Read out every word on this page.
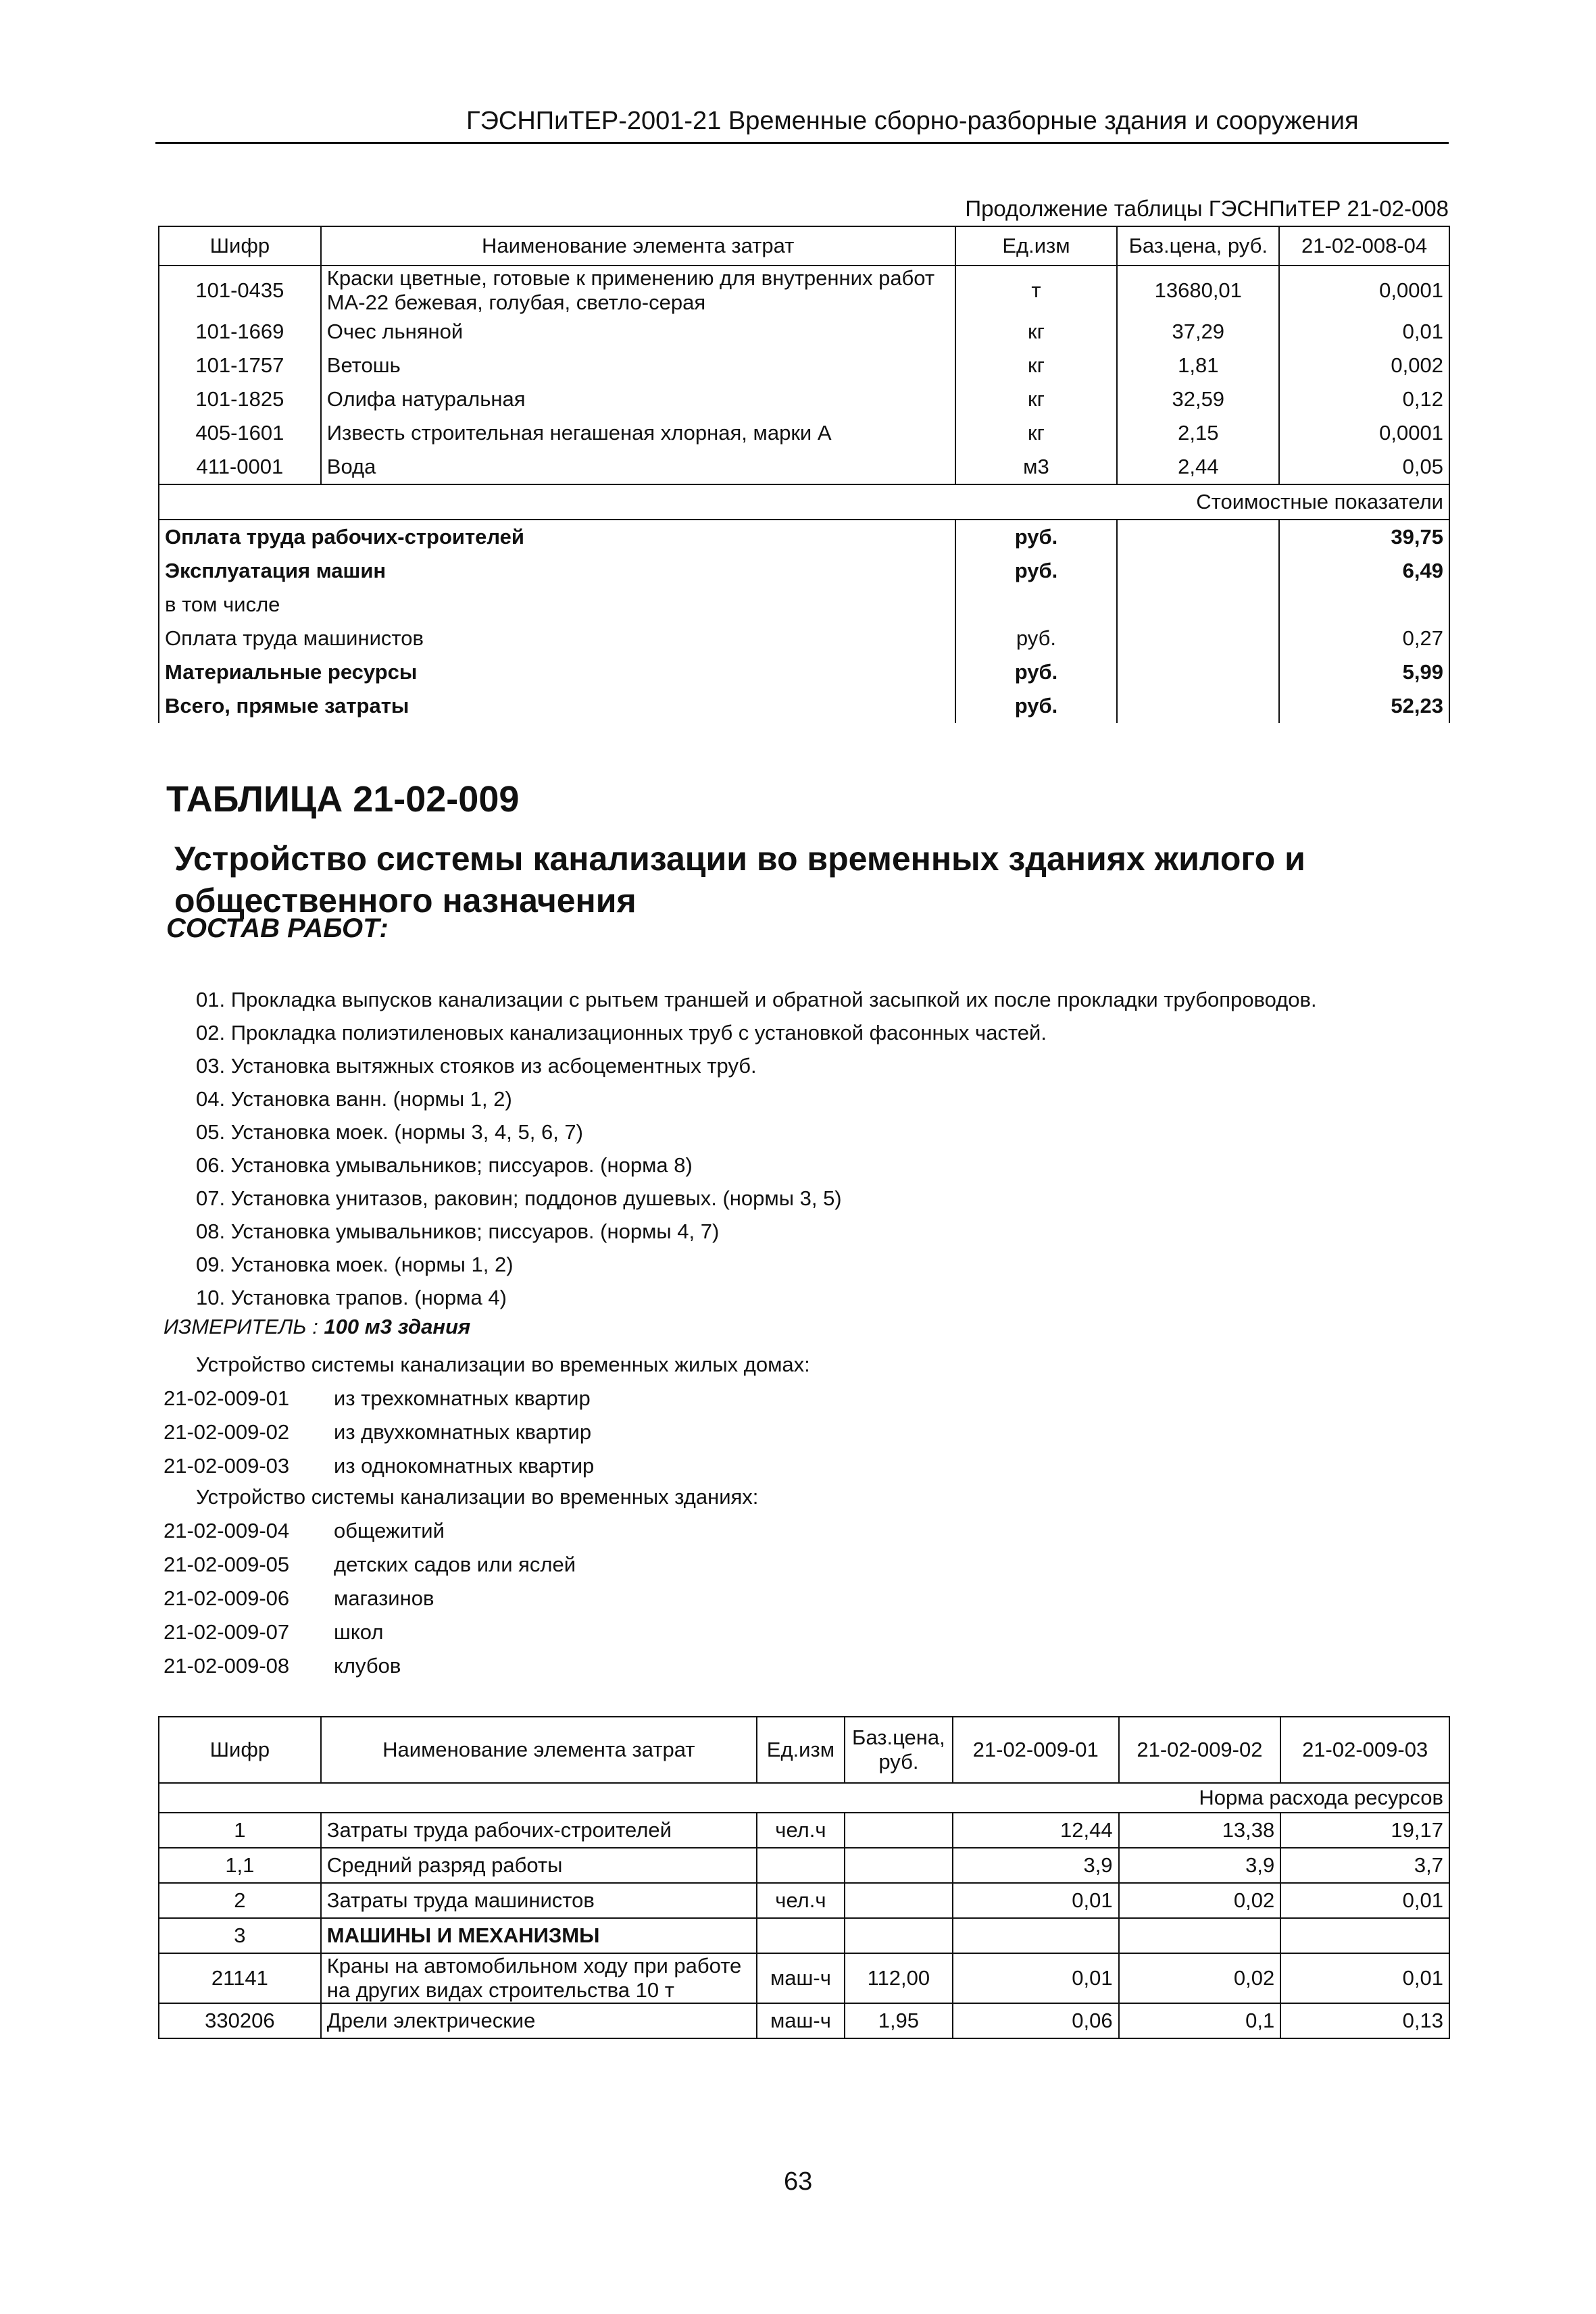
ГЭСНПиТЕР-2001-21 Временные сборно-разборные здания и сооружения
Продолжение таблицы ГЭСНПиТЕР 21-02-008
Шифр	Наименование элемента затрат	Ед.изм	Баз.цена, руб.	21-02-008-04
101-0435	Краски цветные, готовые к применению для внутренних работ МА-22 бежевая, голубая, светло-серая	т	13680,01	0,0001
101-1669	Очес льняной	кг	37,29	0,01
101-1757	Ветошь	кг	1,81	0,002
101-1825	Олифа натуральная	кг	32,59	0,12
405-1601	Известь строительная негашеная хлорная, марки А	кг	2,15	0,0001
411-0001	Вода	м3	2,44	0,05
Стоимостные показатели				
Оплата труда рабочих-строителей		руб.		39,75
Эксплуатация машин		руб.		6,49
в том числе				
Оплата труда машинистов		руб.		0,27
Материальные ресурсы		руб.		5,99
Всего, прямые затраты		руб.		52,23
ТАБЛИЦА 21-02-009
Устройство системы канализации во временных зданиях жилого и общественного назначения
СОСТАВ РАБОТ:
01. Прокладка выпусков канализации с рытьем траншей и обратной засыпкой их после прокладки трубопроводов.
02. Прокладка полиэтиленовых канализационных труб с установкой фасонных частей.
03. Установка вытяжных стояков из асбоцементных труб.
04. Установка ванн. (нормы 1, 2)
05. Установка моек. (нормы 3, 4, 5, 6, 7)
06. Установка умывальников; писсуаров. (норма 8)
07. Установка унитазов, раковин; поддонов душевых. (нормы 3, 5)
08. Установка умывальников; писсуаров. (нормы 4, 7)
09. Установка моек. (нормы 1, 2)
10. Установка трапов. (норма 4)
ИЗМЕРИТЕЛЬ : 100 м3 здания
Устройство системы канализации во временных жилых домах:
21-02-009-01 из трехкомнатных квартир
21-02-009-02 из двухкомнатных квартир
21-02-009-03 из однокомнатных квартир
Устройство системы канализации во временных зданиях:
21-02-009-04 общежитий
21-02-009-05 детских садов или яслей
21-02-009-06 магазинов
21-02-009-07 школ
21-02-009-08 клубов
Шифр	Наименование элемента затрат	Ед.изм	Баз.цена, руб.	21-02-009-01	21-02-009-02	21-02-009-03
Норма расхода ресурсов						
1	Затраты труда рабочих-строителей	чел.ч		12,44	13,38	19,17
1,1	Средний разряд работы			3,9	3,9	3,7
2	Затраты труда машинистов	чел.ч		0,01	0,02	0,01
3	МАШИНЫ И МЕХАНИЗМЫ					
21141	Краны на автомобильном ходу при работе на других видах строительства 10 т	маш-ч	112,00	0,01	0,02	0,01
330206	Дрели электрические	маш-ч	1,95	0,06	0,1	0,13
63
